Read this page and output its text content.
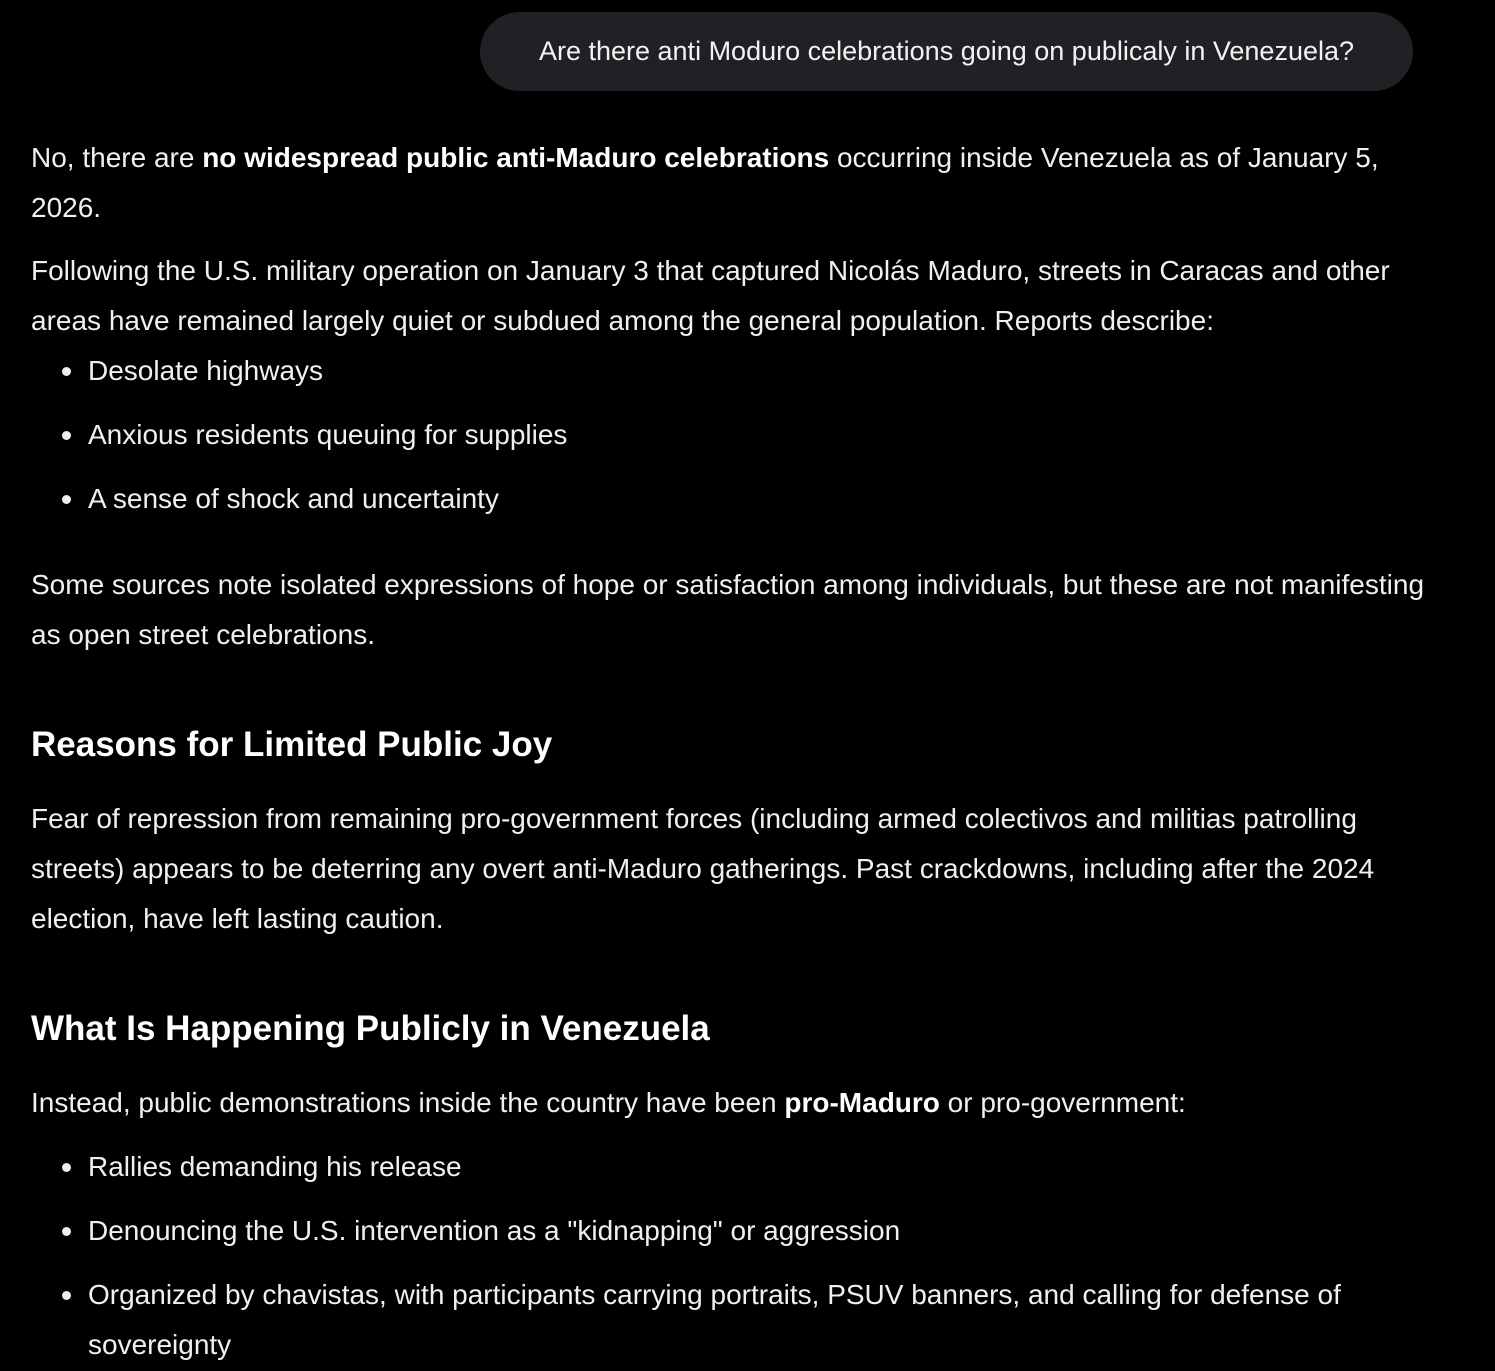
Are there anti Moduro celebrations going on publicaly in Venezuela?

No, there are no widespread public anti-Maduro celebrations occurring inside Venezuela as of January 5, 2026.

Following the U.S. military operation on January 3 that captured Nicolás Maduro, streets in Caracas and other areas have remained largely quiet or subdued among the general population. Reports describe:

Desolate highways
Anxious residents queuing for supplies
A sense of shock and uncertainty

Some sources note isolated expressions of hope or satisfaction among individuals, but these are not manifesting as open street celebrations.

Reasons for Limited Public Joy

Fear of repression from remaining pro-government forces (including armed colectivos and militias patrolling streets) appears to be deterring any overt anti-Maduro gatherings. Past crackdowns, including after the 2024 election, have left lasting caution.

What Is Happening Publicly in Venezuela

Instead, public demonstrations inside the country have been pro-Maduro or pro-government:

Rallies demanding his release
Denouncing the U.S. intervention as a "kidnapping" or aggression
Organized by chavistas, with participants carrying portraits, PSUV banners, and calling for defense of sovereignty
